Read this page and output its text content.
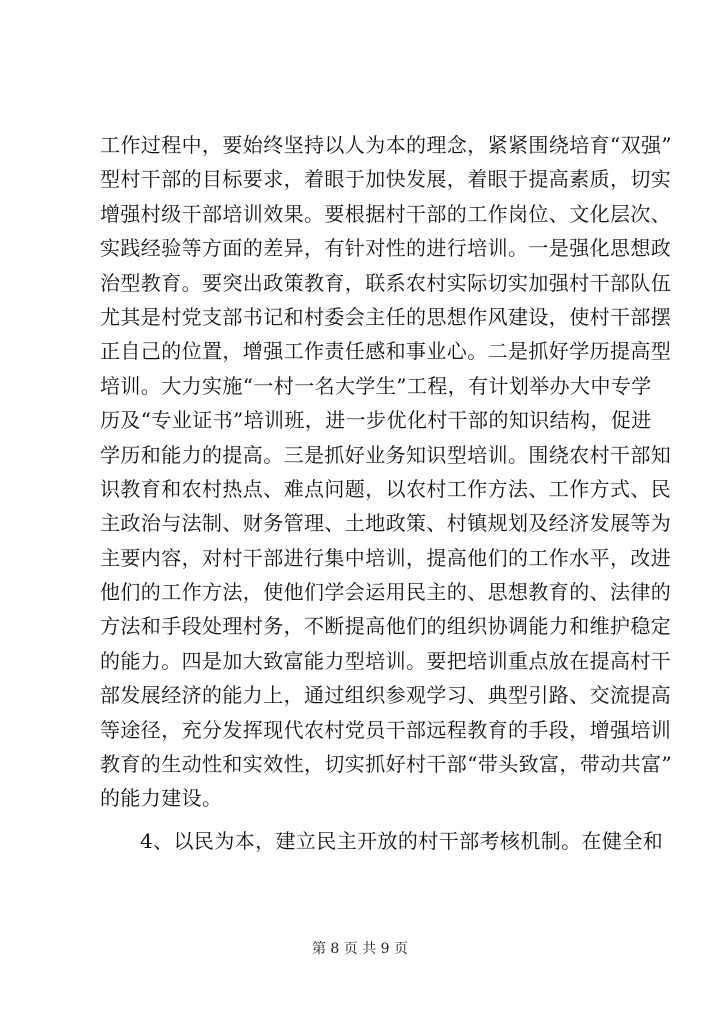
工作过程中，要始终坚持以人为本的理念，紧紧围绕培育“双强”
型村干部的目标要求，着眼于加快发展，着眼于提高素质，切实
增强村级干部培训效果。要根据村干部的工作岗位、文化层次、
实践经验等方面的差异，有针对性的进行培训。一是强化思想政
治型教育。要突出政策教育，联系农村实际切实加强村干部队伍
尤其是村党支部书记和村委会主任的思想作风建设，使村干部摆
正自己的位置，增强工作责任感和事业心。二是抓好学历提高型
培训。大力实施“一村一名大学生”工程，有计划举办大中专学
历及“专业证书”培训班，进一步优化村干部的知识结构，促进
学历和能力的提高。三是抓好业务知识型培训。围绕农村干部知
识教育和农村热点、难点问题，以农村工作方法、工作方式、民
主政治与法制、财务管理、土地政策、村镇规划及经济发展等为
主要内容，对村干部进行集中培训，提高他们的工作水平，改进
他们的工作方法，使他们学会运用民主的、思想教育的、法律的
方法和手段处理村务，不断提高他们的组织协调能力和维护稳定
的能力。四是加大致富能力型培训。要把培训重点放在提高村干
部发展经济的能力上，通过组织参观学习、典型引路、交流提高
等途径，充分发挥现代农村党员干部远程教育的手段，增强培训
教育的生动性和实效性，切实抓好村干部“带头致富，带动共富”
的能力建设。
4、以民为本，建立民主开放的村干部考核机制。在健全和
第 8 页 共 9 页
